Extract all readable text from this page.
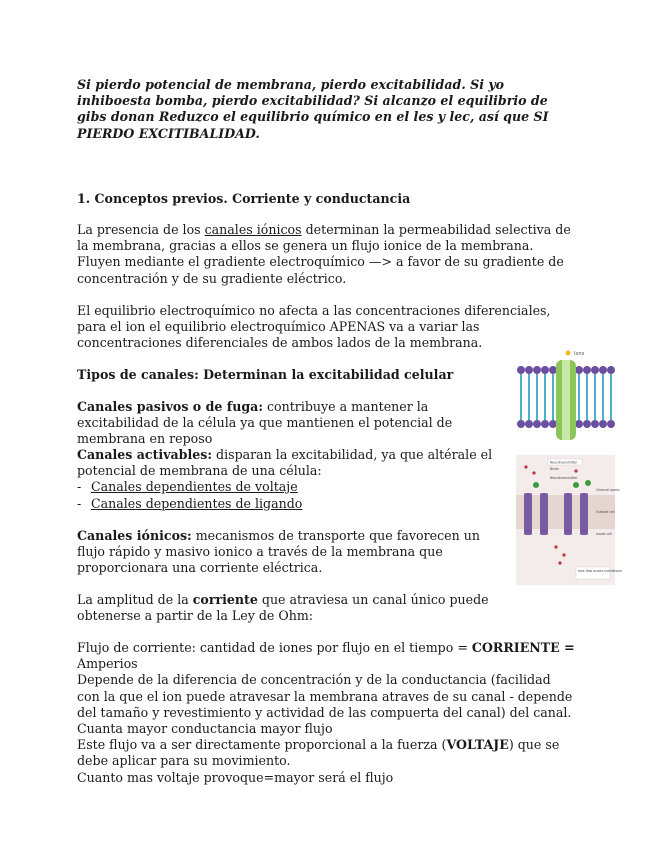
Si pierdo potencial de membrana, pierdo excitabilidad. Si yo inhiboesta bomba, pierdo excitabilidad? Si alcanzo el equilibrio de gibs donan Reduzco el equilibrio químico en el les y lec, así que SI PIERDO EXCITIBALIDAD.

1. Conceptos previos. Corriente y conductancia

La presencia de los canales iónicos determinan la permeabilidad selectiva de la membrana, gracias a ellos se genera un flujo ionice de la membrana. Fluyen mediante el gradiente electroquímico —> a favor de su gradiente de concentración y de su gradiente eléctrico.

El equilibrio electroquímico no afecta a las concentraciones diferenciales, para el ion el equilibrio electroquímico APENAS va a variar las concentraciones diferenciales de ambos lados de la membrana.

Tipos de canales: Determinan la excitabilidad celular

Canales pasivos o de fuga: contribuye a mantener la excitabilidad de la célula ya que mantienen el potencial de membrana en reposo

Canales activables: disparan la excitabilidad, ya que altérale el potencial de membrana de una célula:

- Canales dependientes de voltaje
- Canales dependientes de ligando

Canales iónicos: mecanismos de transporte que favorecen un flujo rápido y masivo ionico a través de la membrana que proporcionara una corriente eléctrica.

La amplitud de la corriente que atraviesa un canal único puede obtenerse a partir de la Ley de Ohm:

Flujo de corriente: cantidad de iones por flujo en el tiempo = CORRIENTE = Amperios

Depende de la diferencia de concentración y de la conductancia (facilidad con la que el ion puede atravesar la membrana atraves de su canal - depende del tamaño y revestimiento y actividad de las compuerta del canal) del canal.

Cuanta mayor conductancia mayor flujo

Este flujo va a ser directamente proporcional a la fuerza (VOLTAJE) que se debe aplicar para su movimiento.

Cuanto mas voltaje provoque=mayor será el flujo

Ions
Neurotransmitter
Binds
Neurotransmitter
Channel opens
Outside cell
Inside cell
Ions flow across membrane
